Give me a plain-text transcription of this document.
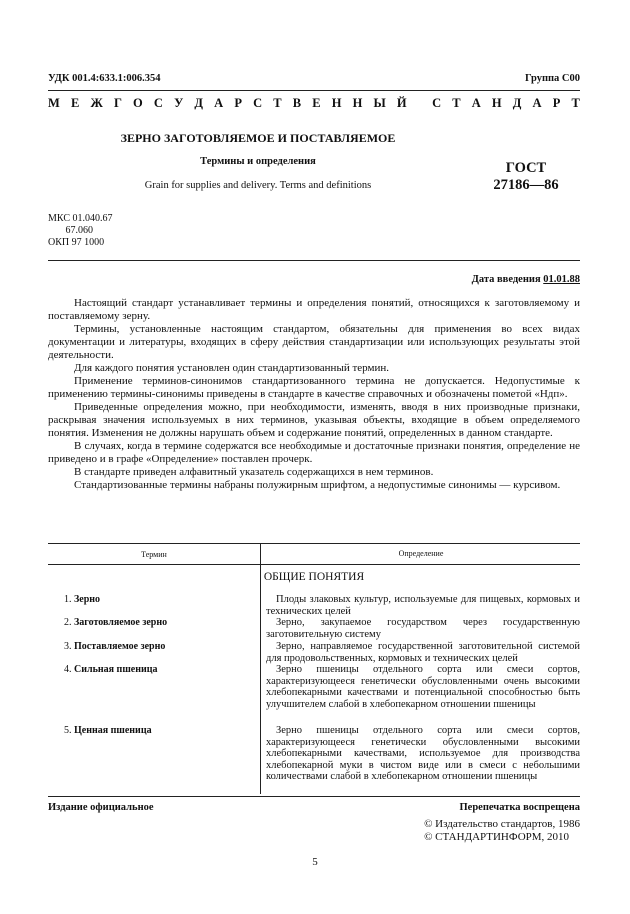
УДК 001.4:633.1:006.354	Группа С00
М Е Ж Г О С У Д А Р С Т В Е Н Н Ы Й
С Т А Н Д А Р Т
ЗЕРНО ЗАГОТОВЛЯЕМОЕ И ПОСТАВЛЯЕМОЕ
Термины и определения
Grain for supplies and delivery. Terms and definitions
ГОСТ
27186—86
МКС 01.040.67
67.060
ОКП 97 1000
Дата введения 01.01.88

Настоящий стандарт устанавливает термины и определения понятий, относящихся к заготовляемому и поставляемому зерну.

Термины, установленные настоящим стандартом, обязательны для применения во всех видах документации и литературы, входящих в сферу действия стандартизации или использующих результаты этой деятельности.

Для каждого понятия установлен один стандартизованный термин.

Применение терминов-синонимов стандартизованного термина не допускается. Недопустимые к применению термины-синонимы приведены в стандарте в качестве справочных и обозначены пометой «Ндп».

Приведенные определения можно, при необходимости, изменять, вводя в них производные признаки, раскрывая значения используемых в них терминов, указывая объекты, входящие в объем определяемого понятия. Изменения не должны нарушать объем и содержание понятий, определенных в данном стандарте.

В случаях, когда в термине содержатся все необходимые и достаточные признаки понятия, определение не приведено и в графе «Определение» поставлен прочерк.

В стандарте приведен алфавитный указатель содержащихся в нем терминов.

Стандартизованные термины набраны полужирным шрифтом, а недопустимые синонимы — курсивом.

Термин	Определение
ОБЩИЕ ПОНЯТИЯ
1. Зерно	Плоды злаковых культур, используемые для пищевых, кормовых и технических целей
2. Заготовляемое зерно	Зерно, закупаемое государством через государственную заготовительную систему
3. Поставляемое зерно	Зерно, направляемое государственной заготовительной системой для продовольственных, кормовых и технических целей
4. Сильная пшеница	Зерно пшеницы отдельного сорта или смеси сортов, характеризующееся генетически обусловленными очень высокими хлебопекарными качествами и потенциальной способностью быть улучшителем слабой в хлебопекарном отношении пшеницы
5. Ценная пшеница	Зерно пшеницы отдельного сорта или смеси сортов, характеризующееся генетически обусловленными высокими хлебопекарными качествами, используемое для производства хлебопекарной муки в чистом виде или в смеси с небольшими количествами слабой в хлебопекарном отношении пшеницы
Издание официальное	Перепечатка воспрещена
© Издательство стандартов, 1986
© СТАНДАРТИНФОРМ, 2010
5
